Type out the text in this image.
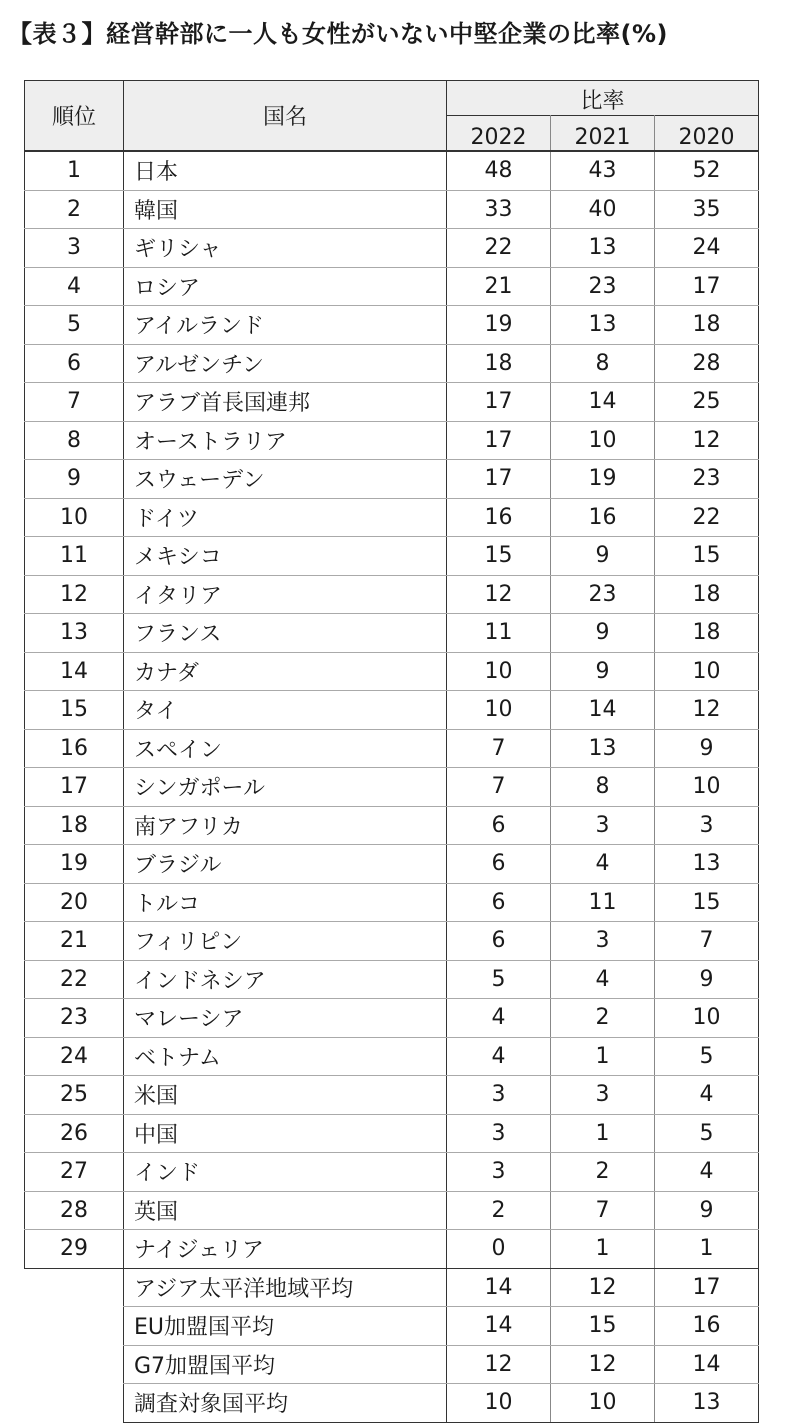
【表３】経営幹部に一人も女性がいない中堅企業の比率(%)
順位	国名	比率		
		2022	2021	2020
1	日本	48	43	52
2	韓国	33	40	35
3	ギリシャ	22	13	24
4	ロシア	21	23	17
5	アイルランド	19	13	18
6	アルゼンチン	18	8	28
7	アラブ首長国連邦	17	14	25
8	オーストラリア	17	10	12
9	スウェーデン	17	19	23
10	ドイツ	16	16	22
11	メキシコ	15	9	15
12	イタリア	12	23	18
13	フランス	11	9	18
14	カナダ	10	9	10
15	タイ	10	14	12
16	スペイン	7	13	9
17	シンガポール	7	8	10
18	南アフリカ	6	3	3
19	ブラジル	6	4	13
20	トルコ	6	11	15
21	フィリピン	6	3	7
22	インドネシア	5	4	9
23	マレーシア	4	2	10
24	ベトナム	4	1	5
25	米国	3	3	4
26	中国	3	1	5
27	インド	3	2	4
28	英国	2	7	9
29	ナイジェリア	0	1	1
	アジア太平洋地域平均	14	12	17
	EU加盟国平均	14	15	16
	G7加盟国平均	12	12	14
	調査対象国平均	10	10	13
